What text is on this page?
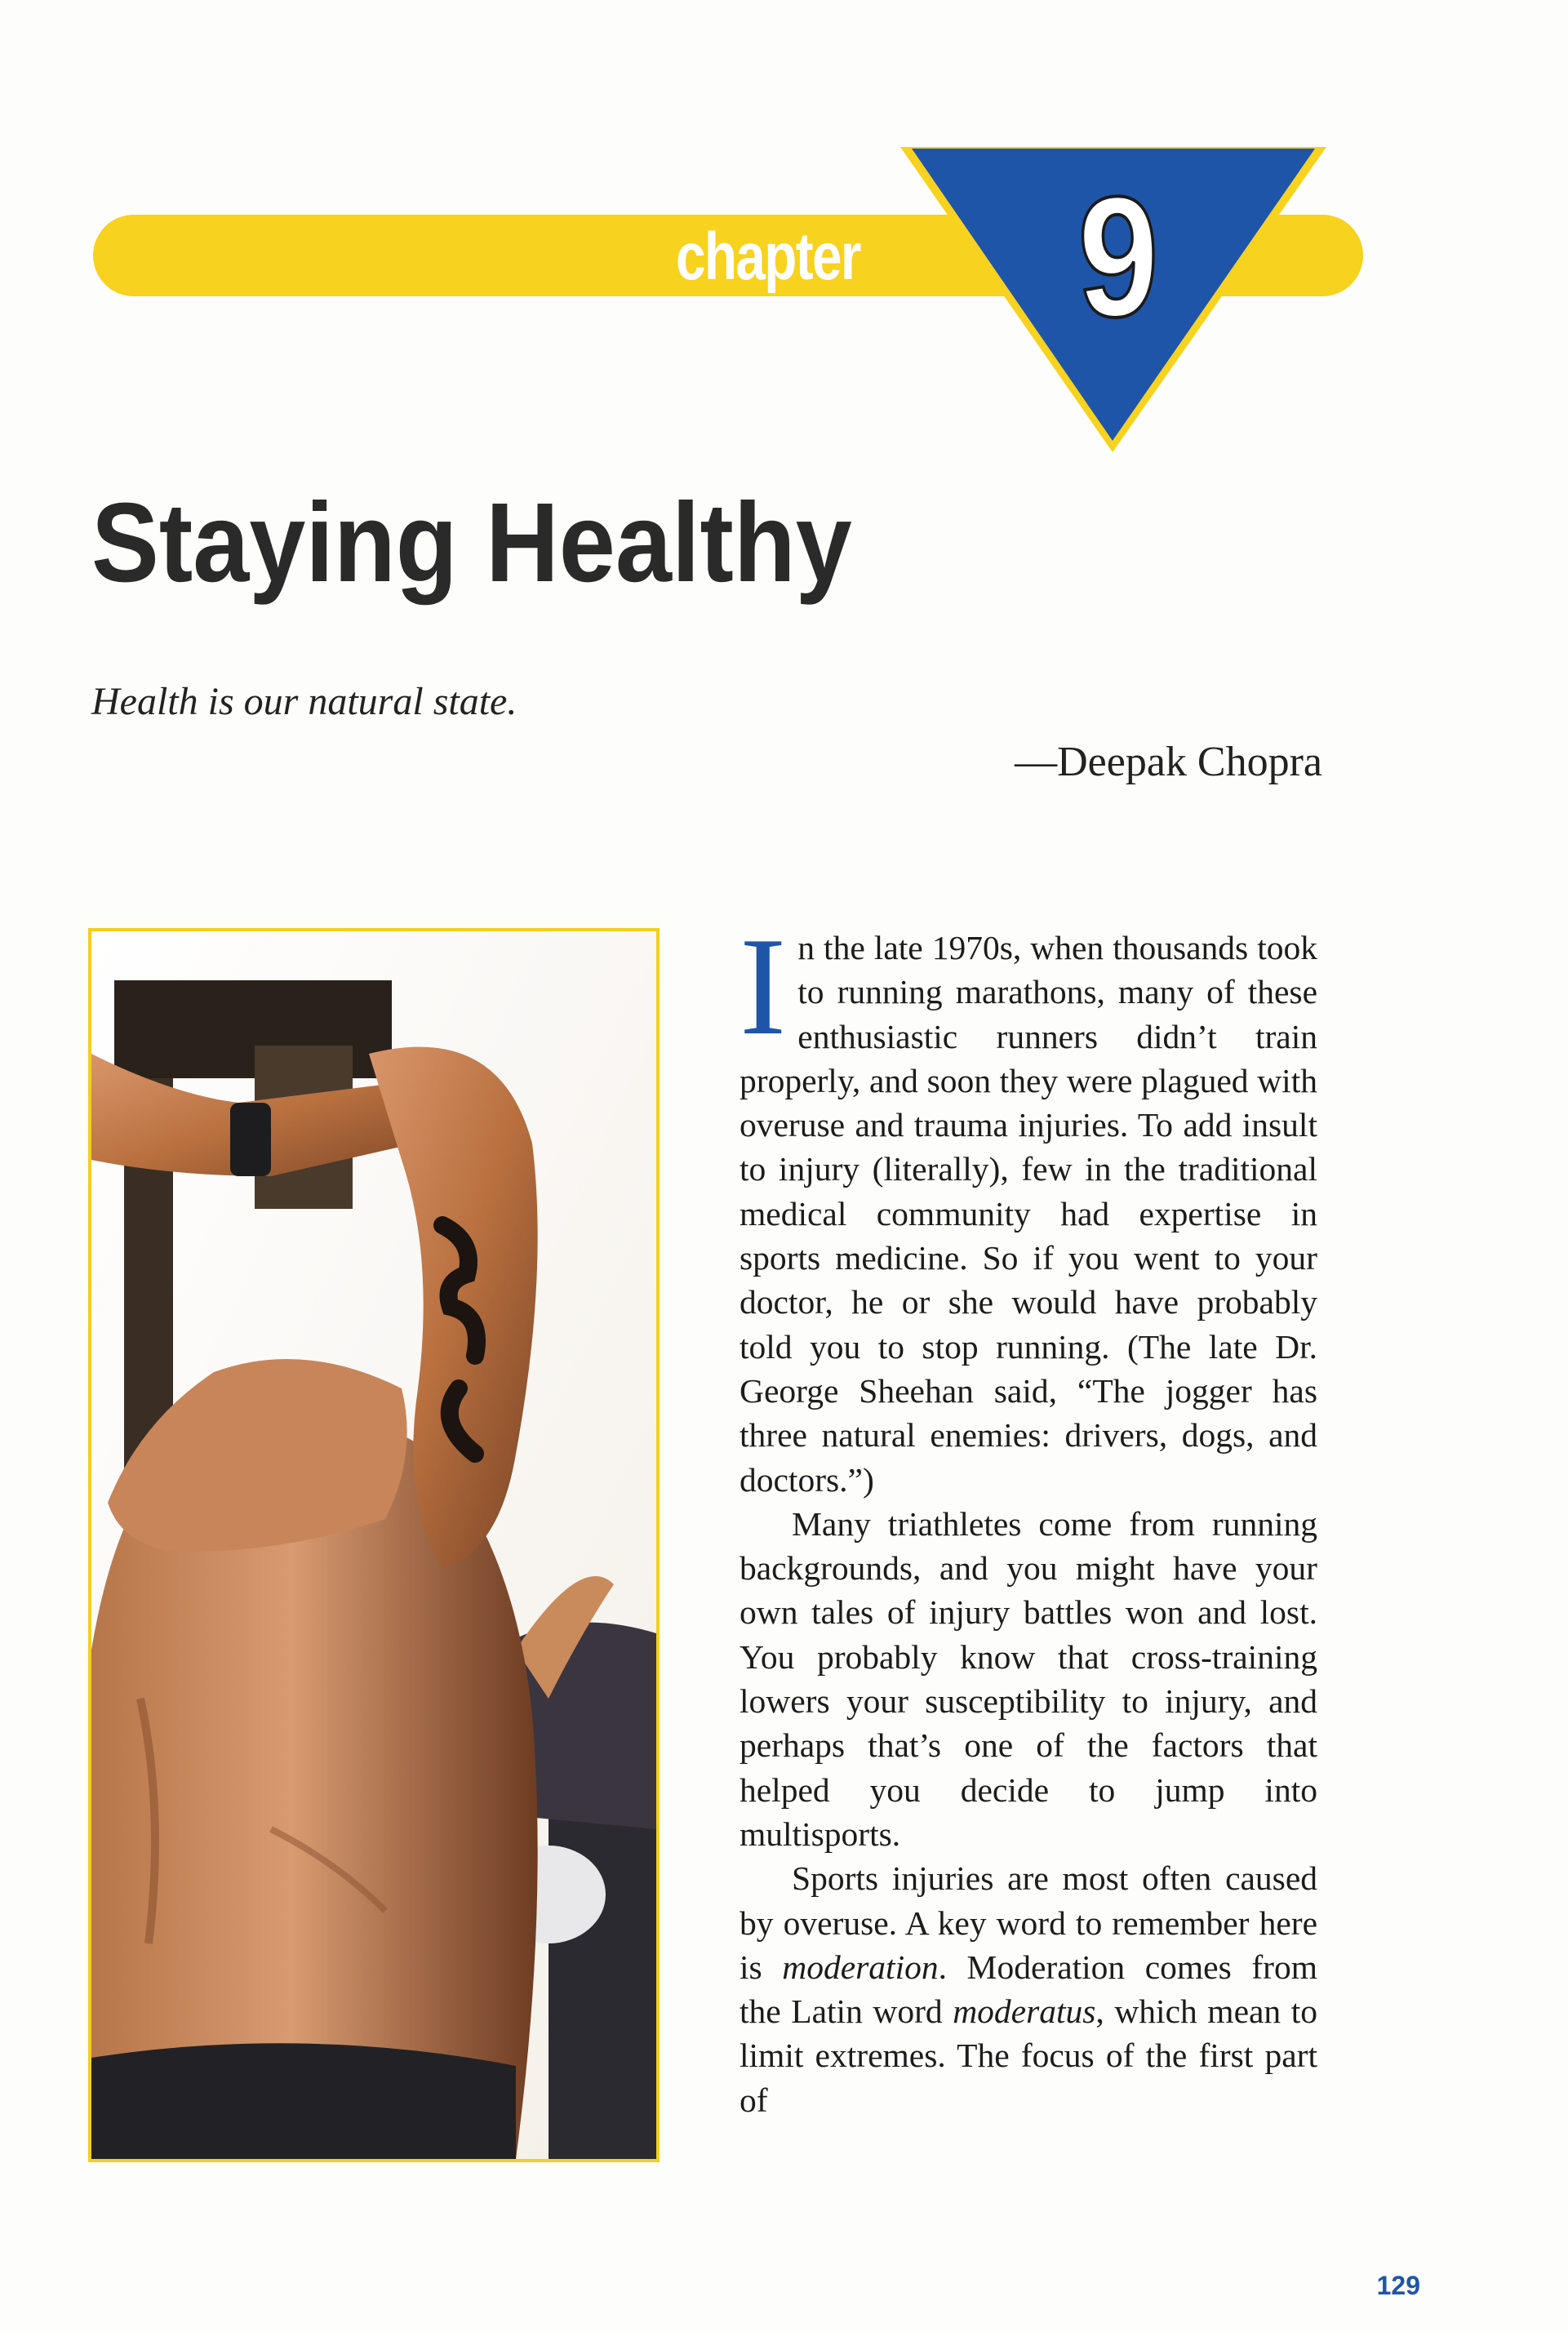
chapter 9
Staying Healthy
Health is our natural state.
—Deepak Chopra

In the late 1970s, when thousands took to running marathons, many of these enthusiastic runners didn’t train properly, and soon they were plagued with overuse and trauma injuries. To add insult to injury (literally), few in the traditional medical community had expertise in sports medicine. So if you went to your doctor, he or she would have probably told you to stop running. (The late Dr. George Sheehan said, “The jogger has three natural enemies: drivers, dogs, and doctors.”)

Many triathletes come from running backgrounds, and you might have your own tales of injury battles won and lost. You probably know that cross-training lowers your susceptibility to injury, and perhaps that’s one of the factors that helped you decide to jump into multisports.

Sports injuries are most often caused by overuse. A key word to remember here is moderation. Moderation comes from the Latin word moderatus, which mean to limit extremes. The focus of the first part of

129
